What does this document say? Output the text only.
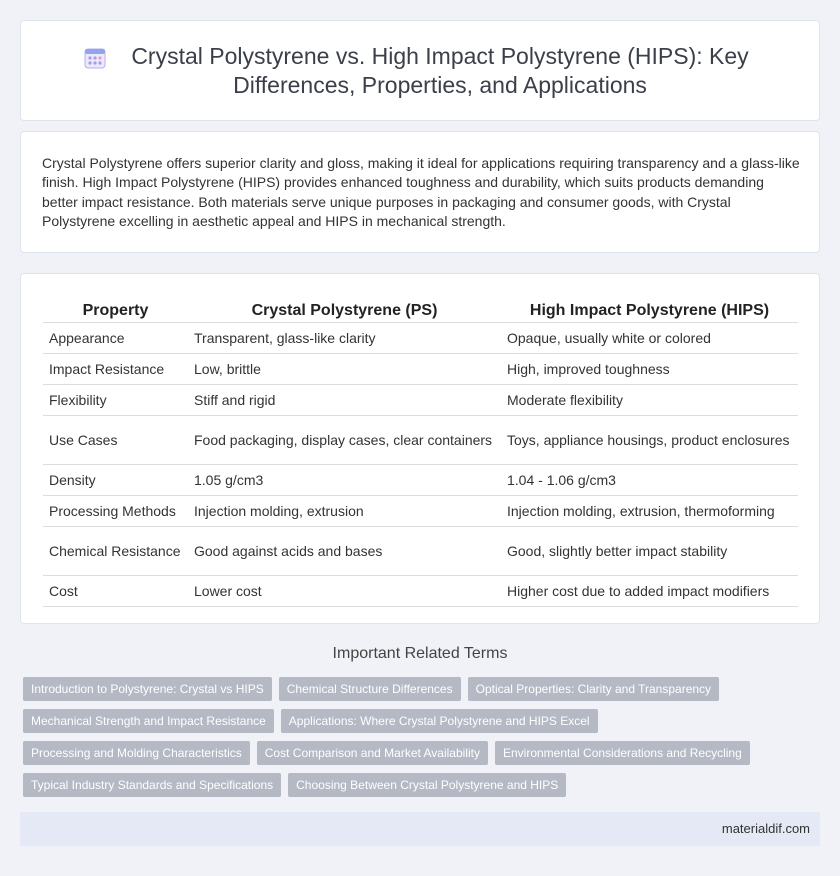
Crystal Polystyrene vs. High Impact Polystyrene (HIPS): Key Differences, Properties, and Applications

Crystal Polystyrene offers superior clarity and gloss, making it ideal for applications requiring transparency and a glass-like finish. High Impact Polystyrene (HIPS) provides enhanced toughness and durability, which suits products demanding better impact resistance. Both materials serve unique purposes in packaging and consumer goods, with Crystal Polystyrene excelling in aesthetic appeal and HIPS in mechanical strength.

Property	Crystal Polystyrene (PS)	High Impact Polystyrene (HIPS)
Appearance	Transparent, glass-like clarity	Opaque, usually white or colored
Impact Resistance	Low, brittle	High, improved toughness
Flexibility	Stiff and rigid	Moderate flexibility
Use Cases	Food packaging, display cases, clear containers	Toys, appliance housings, product enclosures
Density	1.05 g/cm3	1.04 - 1.06 g/cm3
Processing Methods	Injection molding, extrusion	Injection molding, extrusion, thermoforming
Chemical Resistance	Good against acids and bases	Good, slightly better impact stability
Cost	Lower cost	Higher cost due to added impact modifiers
Important Related Terms
Introduction to Polystyrene: Crystal vs HIPS	Chemical Structure Differences	Optical Properties: Clarity and Transparency
Mechanical Strength and Impact Resistance	Applications: Where Crystal Polystyrene and HIPS Excel
Processing and Molding Characteristics	Cost Comparison and Market Availability	Environmental Considerations and Recycling
Typical Industry Standards and Specifications	Choosing Between Crystal Polystyrene and HIPS
materialdif.com
